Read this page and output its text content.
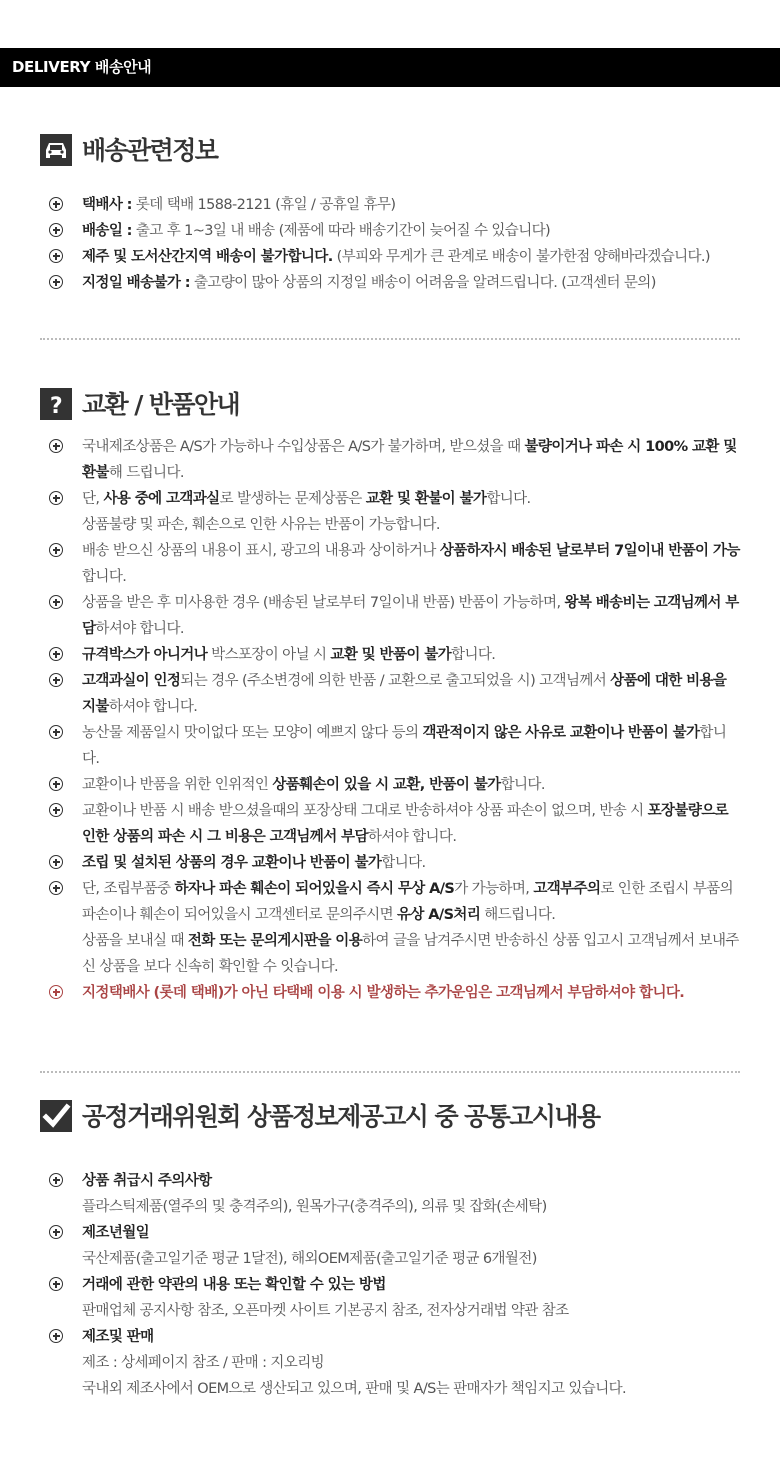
DELIVERY 배송안내
배송관련정보
택배사 : 롯데 택배 1588-2121 (휴일 / 공휴일 휴무)
배송일 : 출고 후 1~3일 내 배송 (제품에 따라 배송기간이 늦어질 수 있습니다)
제주 및 도서산간지역 배송이 불가합니다. (부피와 무게가 큰 관계로 배송이 불가한점 양해바라겠습니다.)
지정일 배송불가 : 출고량이 많아 상품의 지정일 배송이 어려움을 알려드립니다. (고객센터 문의)
? 교환 / 반품안내
국내제조상품은 A/S가 가능하나 수입상품은 A/S가 불가하며, 받으셨을 때 불량이거나 파손 시 100% 교환 및 환불해 드립니다.
단, 사용 중에 고객과실로 발생하는 문제상품은 교환 및 환불이 불가합니다.
상품불량 및 파손, 훼손으로 인한 사유는 반품이 가능합니다.
배송 받으신 상품의 내용이 표시, 광고의 내용과 상이하거나 상품하자시 배송된 날로부터 7일이내 반품이 가능합니다.
상품을 받은 후 미사용한 경우 (배송된 날로부터 7일이내 반품) 반품이 가능하며, 왕복 배송비는 고객님께서 부담하셔야 합니다.
규격박스가 아니거나 박스포장이 아닐 시 교환 및 반품이 불가합니다.
고객과실이 인정되는 경우 (주소변경에 의한 반품 / 교환으로 출고되었을 시) 고객님께서 상품에 대한 비용을 지불하셔야 합니다.
농산물 제품일시 맛이없다 또는 모양이 예쁘지 않다 등의 객관적이지 않은 사유로 교환이나 반품이 불가합니다.
교환이나 반품을 위한 인위적인 상품훼손이 있을 시 교환, 반품이 불가합니다.
교환이나 반품 시 배송 받으셨을때의 포장상태 그대로 반송하셔야 상품 파손이 없으며, 반송 시 포장불량으로 인한 상품의 파손 시 그 비용은 고객님께서 부담하셔야 합니다.
조립 및 설치된 상품의 경우 교환이나 반품이 불가합니다.
단, 조립부품중 하자나 파손 훼손이 되어있을시 즉시 무상 A/S가 가능하며, 고객부주의로 인한 조립시 부품의 파손이나 훼손이 되어있을시 고객센터로 문의주시면 유상 A/S처리 해드립니다.
상품을 보내실 때 전화 또는 문의게시판을 이용하여 글을 남겨주시면 반송하신 상품 입고시 고객님께서 보내주신 상품을 보다 신속히 확인할 수 잇습니다.
지정택배사 (롯데 택배)가 아닌 타택배 이용 시 발생하는 추가운임은 고객님께서 부담하셔야 합니다.
공정거래위원회 상품정보제공고시 중 공통고시내용
상품 취급시 주의사항
플라스틱제품(열주의 및 충격주의), 원목가구(충격주의), 의류 및 잡화(손세탁)
제조년월일
국산제품(출고일기준 평균 1달전), 해외OEM제품(출고일기준 평균 6개월전)
거래에 관한 약관의 내용 또는 확인할 수 있는 방법
판매업체 공지사항 참조, 오픈마켓 사이트 기본공지 참조, 전자상거래법 약관 참조
제조및 판매
제조 : 상세페이지 참조 / 판매 : 지오리빙
국내외 제조사에서 OEM으로 생산되고 있으며, 판매 및 A/S는 판매자가 책임지고 있습니다.
